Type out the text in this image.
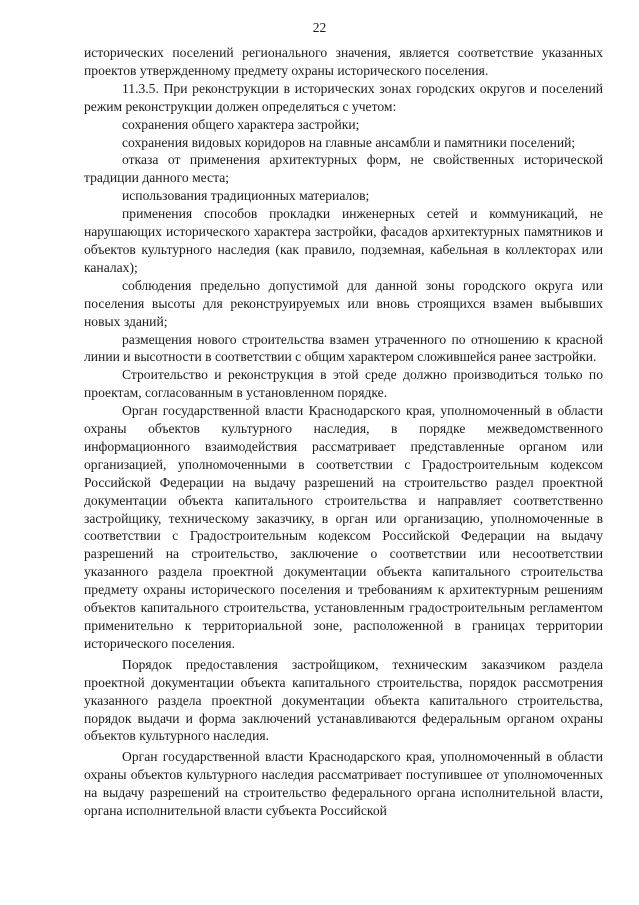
22

исторических поселений регионального значения, является соответствие указанных проектов утвержденному предмету охраны исторического поселения.

11.3.5. При реконструкции в исторических зонах городских округов и поселений режим реконструкции должен определяться с учетом:

сохранения общего характера застройки;

сохранения видовых коридоров на главные ансамбли и памятники поселений;

отказа от применения архитектурных форм, не свойственных исторической традиции данного места;

использования традиционных материалов;

применения способов прокладки инженерных сетей и коммуникаций, не нарушающих исторического характера застройки, фасадов архитектурных памятников и объектов культурного наследия (как правило, подземная, кабельная в коллекторах или каналах);

соблюдения предельно допустимой для данной зоны городского округа или поселения высоты для реконструируемых или вновь строящихся взамен выбывших новых зданий;

размещения нового строительства взамен утраченного по отношению к красной линии и высотности в соответствии с общим характером сложившейся ранее застройки.

Строительство и реконструкция в этой среде должно производиться только по проектам, согласованным в установленном порядке.

Орган государственной власти Краснодарского края, уполномоченный в области охраны объектов культурного наследия, в порядке межведомственного информационного взаимодействия рассматривает представленные органом или организацией, уполномоченными в соответствии с Градостроительным кодексом Российской Федерации на выдачу разрешений на строительство раздел проектной документации объекта капитального строительства и направляет соответственно застройщику, техническому заказчику, в орган или организацию, уполномоченные в соответствии с Градостроительным кодексом Российской Федерации на выдачу разрешений на строительство, заключение о соответствии или несоответствии указанного раздела проектной документации объекта капитального строительства предмету охраны исторического поселения и требованиям к архитектурным решениям объектов капитального строительства, установленным градостроительным регламентом применительно к территориальной зоне, расположенной в границах территории исторического поселения.

Порядок предоставления застройщиком, техническим заказчиком раздела проектной документации объекта капитального строительства, порядок рассмотрения указанного раздела проектной документации объекта капитального строительства, порядок выдачи и форма заключений устанавливаются федеральным органом охраны объектов культурного наследия.

Орган государственной власти Краснодарского края, уполномоченный в области охраны объектов культурного наследия рассматривает поступившее от уполномоченных на выдачу разрешений на строительство федерального органа исполнительной власти, органа исполнительной власти субъекта Российской
